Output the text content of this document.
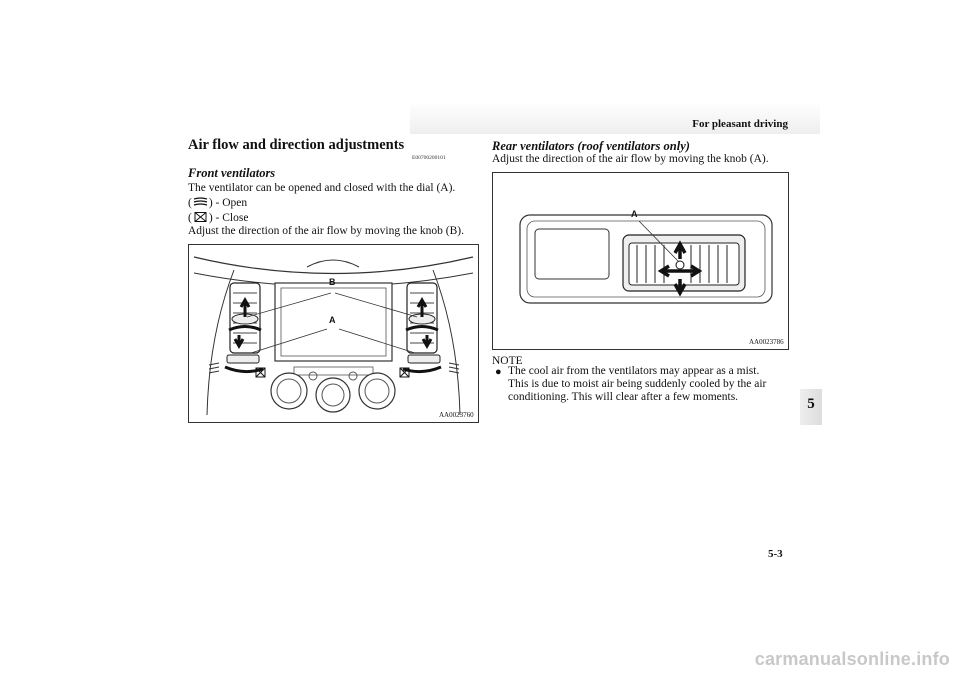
For pleasant driving
Air flow and direction adjustments
E00700200101
Front ventilators
The ventilator can be opened and closed with the dial (A).
( ) - Open
( ) - Close
Adjust the direction of the air flow by moving the knob (B).
B
A
AA0023760
Rear ventilators (roof ventilators only)
Adjust the direction of the air flow by moving the knob (A).
A
AA0023786
NOTE
● The cool air from the ventilators may appear as a mist.
This is due to moist air being suddenly cooled by the air
conditioning. This will clear after a few moments.	5
5-3
carmanualsonline.info
